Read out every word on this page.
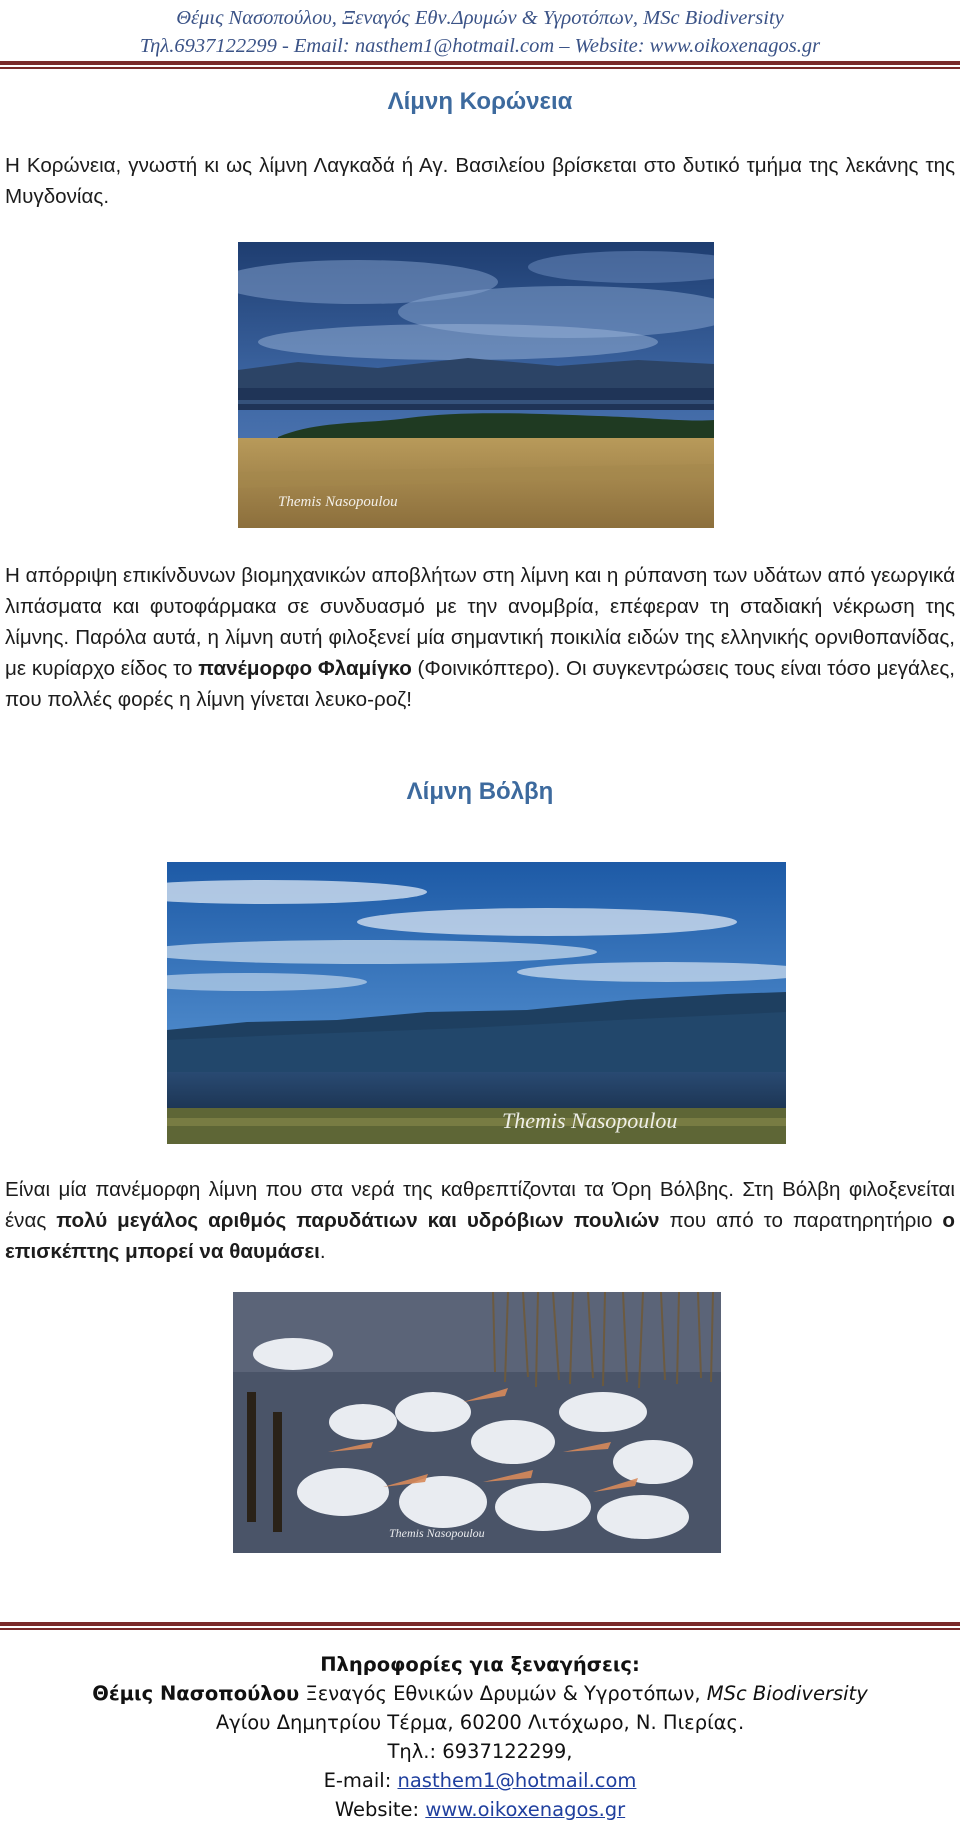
Θέμις Νασοπούλου, Ξεναγός Εθν.Δρυμών & Υγροτόπων, MSc Biodiversity
Τηλ.6937122299 - Email: nasthem1@hotmail.com – Website: www.oikoxenagos.gr
Λίμνη Κορώνεια
Η Κορώνεια, γνωστή κι ως λίμνη Λαγκαδά ή Αγ. Βασιλείου βρίσκεται στο δυτικό τμήμα της λεκάνης της Μυγδονίας.
Themis Nasopoulou
Η απόρριψη επικίνδυνων βιομηχανικών αποβλήτων στη λίμνη και η ρύπανση των υδάτων από γεωργικά λιπάσματα και φυτοφάρμακα σε συνδυασμό με την ανομβρία, επέφεραν τη σταδιακή νέκρωση της λίμνης. Παρόλα αυτά, η λίμνη αυτή φιλοξενεί μία σημαντική ποικιλία ειδών της ελληνικής ορνιθοπανίδας, με κυρίαρχο είδος το πανέμορφο Φλαμίγκο (Φοινικόπτερο). Οι συγκεντρώσεις τους είναι τόσο μεγάλες, που πολλές φορές η λίμνη γίνεται λευκο-ροζ!
Λίμνη Βόλβη
Themis Nasopoulou
Είναι μία πανέμορφη λίμνη που στα νερά της καθρεπτίζονται τα Όρη Βόλβης. Στη Βόλβη φιλοξενείται ένας πολύ μεγάλος αριθμός παρυδάτιων και υδρόβιων πουλιών που από το παρατηρητήριο ο επισκέπτης μπορεί να θαυμάσει.
Themis Nasopoulou
Πληροφορίες για ξεναγήσεις:
Θέμις Νασοπούλου Ξεναγός Εθνικών Δρυμών & Υγροτόπων, MSc Biodiversity
Αγίου Δημητρίου Τέρμα, 60200 Λιτόχωρο, Ν. Πιερίας.
Τηλ.: 6937122299,
E-mail: nasthem1@hotmail.com
Website: www.oikoxenagos.gr
